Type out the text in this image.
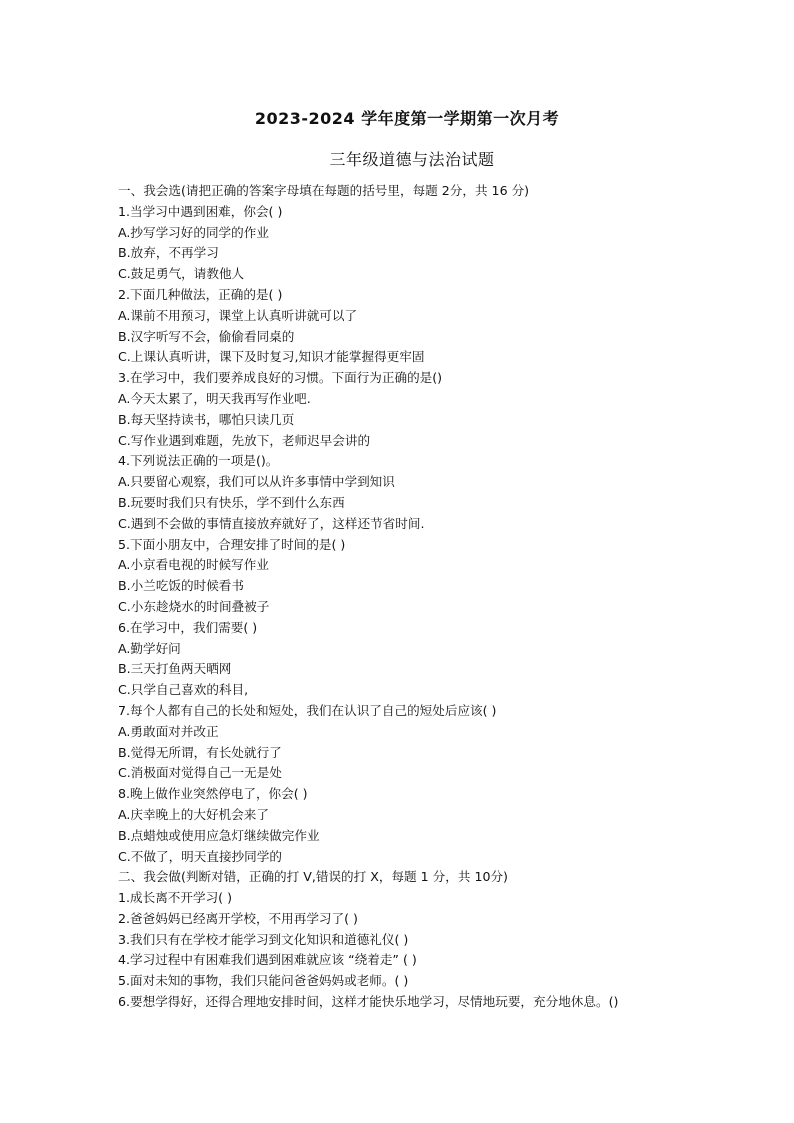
2023-2024 学年度第一学期第一次月考
三年级道德与法治试题
一、我会选(请把正确的答案字母填在每题的括号里，每题 2分，共 16 分)
1.当学习中遇到困难，你会( )
A.抄写学习好的同学的作业
B.放弃，不再学习
C.鼓足勇气，请教他人
2.下面几种做法，正确的是( )
A.课前不用预习，课堂上认真听讲就可以了
B.汉字听写不会，偷偷看同桌的
C.上课认真听讲，课下及时复习,知识才能掌握得更牢固
3.在学习中，我们要养成良好的习惯。下面行为正确的是()
A.今天太累了，明天我再写作业吧.
B.每天坚持读书，哪怕只读几页
C.写作业遇到难题，先放下，老师迟早会讲的
4.下列说法正确的一项是()。
A.只要留心观察，我们可以从许多事情中学到知识
B.玩要时我们只有快乐，学不到什么东西
C.遇到不会做的事情直接放弃就好了，这样还节省时间.
5.下面小朋友中，合理安排了时间的是( )
A.小京看电视的时候写作业
B.小兰吃饭的时候看书
C.小东趁烧水的时间叠被子
6.在学习中，我们需要( )
A.勤学好问
B.三天打鱼两天晒网
C.只学自己喜欢的科目,
7.每个人都有自己的长处和短处，我们在认识了自己的短处后应该( )
A.勇敢面对并改正
B.觉得无所谓，有长处就行了
C.消极面对觉得自己一无是处
8.晚上做作业突然停电了，你会( )
A.庆幸晚上的大好机会来了
B.点蜡烛或使用应急灯继续做完作业
C.不做了，明天直接抄同学的
二、我会做(判断对错，正确的打 V,错误的打 X，每题 1 分，共 10分)
1.成长离不开学习( )
2.爸爸妈妈已经离开学校，不用再学习了( )
3.我们只有在学校才能学习到文化知识和道德礼仪( )
4.学习过程中有困难我们遇到困难就应该 “绕着走” ( )
5.面对未知的事物，我们只能问爸爸妈妈或老师。( )
6.要想学得好，还得合理地安排时间，这样才能快乐地学习，尽情地玩要，充分地休息。()
